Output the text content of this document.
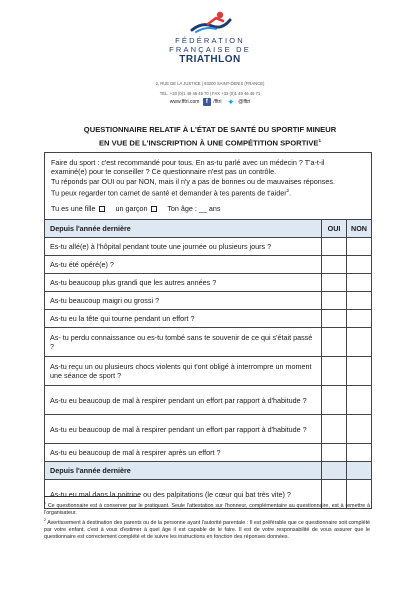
FÉDÉRATION
FRANÇAISE DE
TRIATHLON
2, RUE DE LA JUSTICE | 93200 SAINT-DENIS (FRANCE)
TÉL. +33 (0)1 49 46 45 70 | FAX +33 (0)1 49 46 45 71
www.fftri.com f /fftri ✦ @fftri
QUESTIONNAIRE RELATIF À L'ÉTAT DE SANTÉ DU SPORTIF MINEUR
EN VUE DE L'INSCRIPTION À UNE COMPÉTITION SPORTIVE$^1$
Faire du sport : c'est recommandé pour tous. En as-tu parlé avec un médecin ? T'a-t-il
examiné(e) pour te conseiller ? Ce questionnaire n'est pas un contrôle.
Tu réponds par OUI ou par NON, mais il n'y a pas de bonnes ou de mauvaises réponses.
Tu peux regarder ton carnet de santé et demander à tes parents de t'aider$^2$.
Tu es une fille	un garçon	Ton âge : __ ans
Depuis l'année dernière	OUI	NON
Es-tu allé(e) à l'hôpital pendant toute une journée ou plusieurs jours ?		
As-tu été opéré(e) ?		
As-tu beaucoup plus grandi que les autres années ?		
As-tu beaucoup maigri ou grossi ?		
As-tu eu la tête qui tourne pendant un effort ?		
As- tu perdu connaissance ou es-tu tombé sans te souvenir de ce qui s'était passé ?		
As-tu reçu un ou plusieurs chocs violents qui t'ont obligé à interrompre un moment une séance de sport ?		
As-tu eu beaucoup de mal à respirer pendant un effort par rapport à d'habitude ?		
As-tu eu beaucoup de mal à respirer pendant un effort par rapport à d'habitude ?		
As-tu eu beaucoup de mal à respirer après un effort ?		
Depuis l'année dernière		
As-tu eu mal dans la poitrine ou des palpitations (le cœur qui bat très vite) ?		

$^1$ Ce questionnaire est à conserver par le pratiquant. Seule l'attestation sur l'honneur, complémentaire au questionnaire, est à remettre à l'organisateur.

$^2$ Avertissement à destination des parents ou de la personne ayant l'autorité parentale : Il est préférable que ce questionnaire soit complété par votre enfant, c'est à vous d'estimer à quel âge il est capable de le faire. Il est de votre responsabilité de vous assurer que le questionnaire est correctement complété et de suivre les instructions en fonction des réponses données.
